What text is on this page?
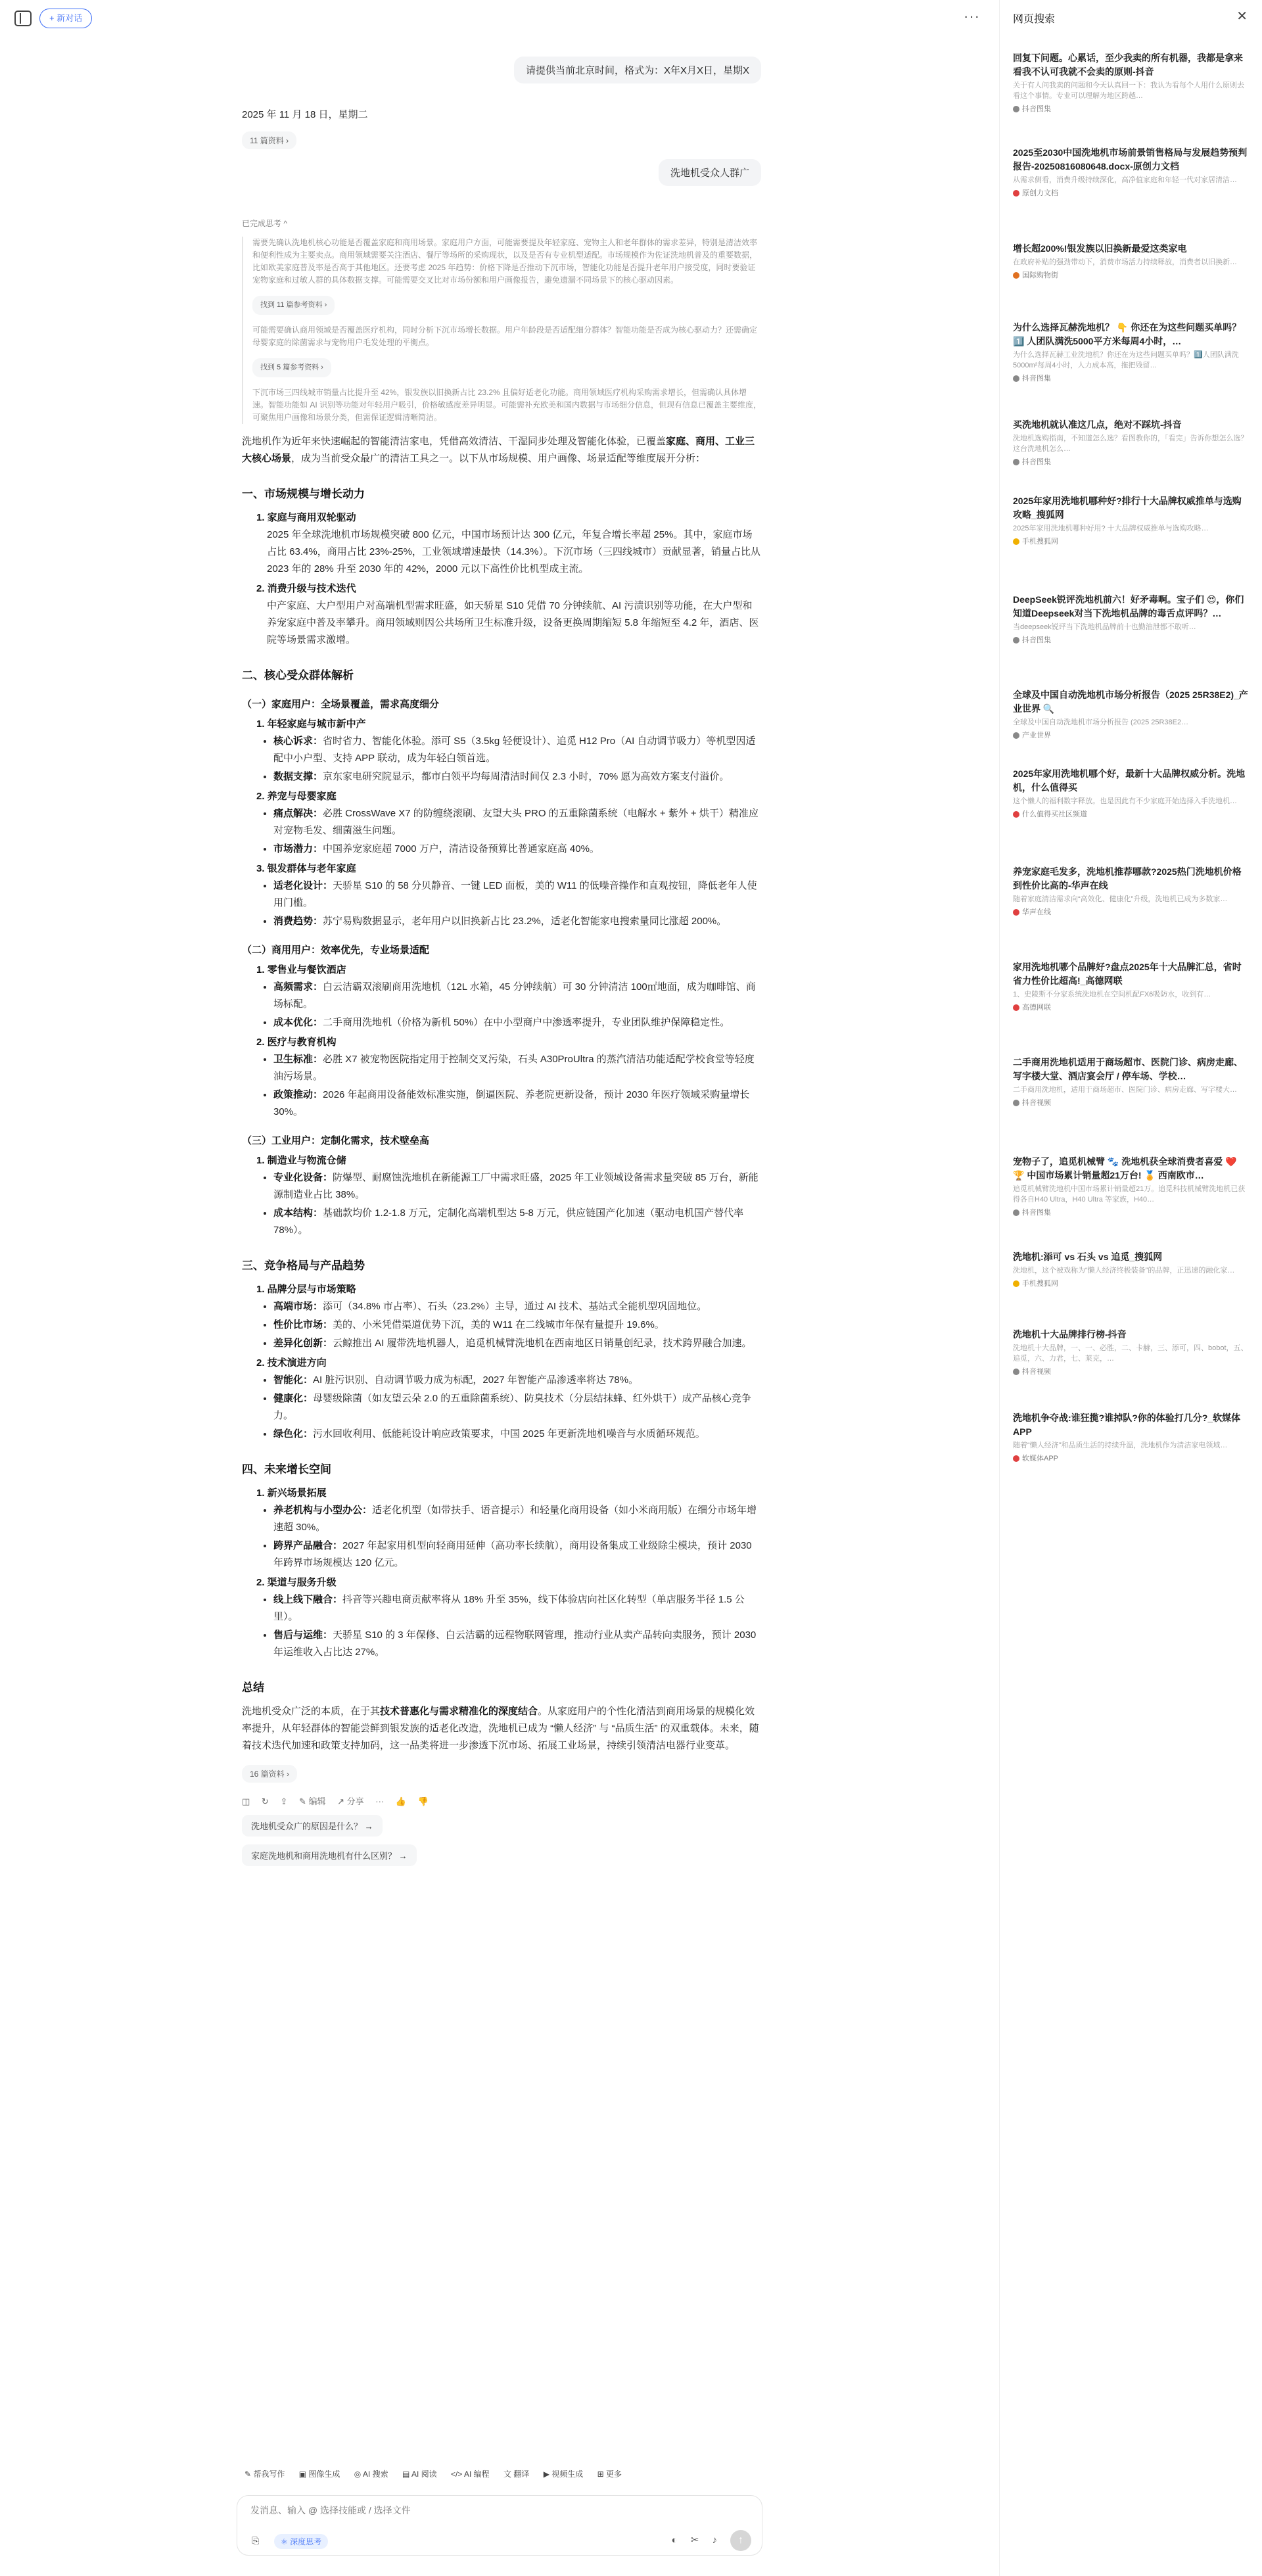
+ 新对话	···
请提供当前北京时间，格式为：X年X月X日，星期X
2025 年 11 月 18 日，星期二
11 篇资料 ›
洗地机受众人群广
已完成思考 ^

需要先确认洗地机核心功能是否覆盖家庭和商用场景。家庭用户方面，可能需要提及年轻家庭、宠物主人和老年群体的需求差异，特别是清洁效率和便利性成为主要卖点。商用领域需要关注酒店、餐厅等场所的采购现状，以及是否有专业机型适配。市场规模作为佐证洗地机普及的重要数据，比如欧美家庭普及率是否高于其他地区。还要考虑 2025 年趋势：价格下降是否推动下沉市场，智能化功能是否提升老年用户接受度，同时要验证宠物家庭和过敏人群的具体数据支撑。可能需要交叉比对市场份额和用户画像报告，避免遗漏不同场景下的核心驱动因素。

找到 11 篇参考资料 ›

可能需要确认商用领域是否覆盖医疗机构，同时分析下沉市场增长数据。用户年龄段是否适配细分群体？智能功能是否成为核心驱动力？还需确定母婴家庭的除菌需求与宠物用户毛发处理的平衡点。

找到 5 篇参考资料 ›

下沉市场三四线城市销量占比提升至 42%，银发族以旧换新占比 23.2% 且偏好适老化功能。商用领域医疗机构采购需求增长，但需确认具体增速。智能功能如 AI 识别等功能对年轻用户吸引，价格敏感度差异明显。可能需补充欧美和国内数据与市场细分信息，但现有信息已覆盖主要维度，可聚焦用户画像和场景分类，但需保证逻辑清晰简洁。

洗地机作为近年来快速崛起的智能清洁家电，凭借高效清洁、干湿同步处理及智能化体验，已覆盖家庭、商用、工业三大核心场景，成为当前受众最广的清洁工具之一。以下从市场规模、用户画像、场景适配等维度展开分析：

一、市场规模与增长动力
1. 家庭与商用双轮驱动
2025 年全球洗地机市场规模突破 800 亿元，中国市场预计达 300 亿元，年复合增长率超 25%。其中，家庭市场占比 63.4%，商用占比 23%-25%，工业领域增速最快（14.3%）。下沉市场（三四线城市）贡献显著，销量占比从 2023 年的 28% 升至 2030 年的 42%，2000 元以下高性价比机型成主流。
2. 消费升级与技术迭代
中产家庭、大户型用户对高端机型需求旺盛，如天骄星 S10 凭借 70 分钟续航、AI 污渍识别等功能，在大户型和养宠家庭中普及率攀升。商用领域则因公共场所卫生标准升级，设备更换周期缩短 5.8 年缩短至 4.2 年，酒店、医院等场景需求激增。
二、核心受众群体解析
（一）家庭用户：全场景覆盖，需求高度细分
1. 年轻家庭与城市新中产
• 核心诉求：省时省力、智能化体验。添可 S5（3.5kg 轻便设计）、追觅 H12 Pro（AI 自动调节吸力）等机型因适配中小户型、支持 APP 联动，成为年轻白领首选。
• 数据支撑：京东家电研究院显示，都市白领平均每周清洁时间仅 2.3 小时，70% 愿为高效方案支付溢价。
2. 养宠与母婴家庭
• 痛点解决：必胜 CrossWave X7 的防缠绕滚刷、友望大头 PRO 的五重除菌系统（电解水 + 紫外 + 烘干）精准应对宠物毛发、细菌滋生问题。
• 市场潜力：中国养宠家庭超 7000 万户，清洁设备预算比普通家庭高 40%。
3. 银发群体与老年家庭
• 适老化设计：天骄星 S10 的 58 分贝静音、一键 LED 面板，美的 W11 的低噪音操作和直观按钮，降低老年人使用门槛。
• 消费趋势：苏宁易购数据显示，老年用户以旧换新占比 23.2%，适老化智能家电搜索量同比涨超 200%。
（二）商用用户：效率优先，专业场景适配
1. 零售业与餐饮酒店
• 高频需求：白云洁霸双滚刷商用洗地机（12L 水箱，45 分钟续航）可 30 分钟清洁 100㎡地面，成为咖啡馆、商场标配。
• 成本优化：二手商用洗地机（价格为新机 50%）在中小型商户中渗透率提升，专业团队维护保障稳定性。
2. 医疗与教育机构
• 卫生标准：必胜 X7 被宠物医院指定用于控制交叉污染，石头 A30ProUltra 的蒸汽清洁功能适配学校食堂等轻度油污场景。
• 政策推动：2026 年起商用设备能效标准实施，倒逼医院、养老院更新设备，预计 2030 年医疗领域采购量增长 30%。
（三）工业用户：定制化需求，技术壁垒高
1. 制造业与物流仓储
• 专业化设备：防爆型、耐腐蚀洗地机在新能源工厂中需求旺盛，2025 年工业领域设备需求量突破 85 万台，新能源制造业占比 38%。
• 成本结构：基础款均价 1.2-1.8 万元，定制化高端机型达 5-8 万元，供应链国产化加速（驱动电机国产替代率 78%）。
三、竞争格局与产品趋势
1. 品牌分层与市场策略
• 高端市场：添可（34.8% 市占率）、石头（23.2%）主导，通过 AI 技术、基站式全能机型巩固地位。
• 性价比市场：美的、小米凭借渠道优势下沉，美的 W11 在二线城市年保有量提升 19.6%。
• 差异化创新：云鲸推出 AI 履带洗地机器人，追觅机械臂洗地机在西南地区日销量创纪录，技术跨界融合加速。
2. 技术演进方向
• 智能化：AI 脏污识别、自动调节吸力成为标配，2027 年智能产品渗透率将达 78%。
• 健康化：母婴级除菌（如友望云朵 2.0 的五重除菌系统）、防臭技术（分层结抹蜂、红外烘干）成产品核心竞争力。
• 绿色化：污水回收利用、低能耗设计响应政策要求，中国 2025 年更新洗地机噪音与水质循环规范。
四、未来增长空间
1. 新兴场景拓展
• 养老机构与小型办公：适老化机型（如带扶手、语音提示）和轻量化商用设备（如小米商用版）在细分市场年增速超 30%。
• 跨界产品融合：2027 年起家用机型向轻商用延伸（高功率长续航），商用设备集成工业级除尘模块，预计 2030 年跨界市场规模达 120 亿元。
2. 渠道与服务升级
• 线上线下融合：抖音等兴趣电商贡献率将从 18% 升至 35%，线下体验店向社区化转型（单店服务半径 1.5 公里）。
• 售后与运维：天骄星 S10 的 3 年保修、白云洁霸的远程物联网管理，推动行业从卖产品转向卖服务，预计 2030 年运维收入占比达 27%。
总结

洗地机受众广泛的本质，在于其技术普惠化与需求精准化的深度结合。从家庭用户的个性化清洁到商用场景的规模化效率提升，从年轻群体的智能尝鲜到银发族的适老化改造，洗地机已成为 “懒人经济” 与 “品质生活” 的双重载体。未来，随着技术迭代加速和政策支持加码，这一品类将进一步渗透下沉市场、拓展工业场景，持续引领清洁电器行业变革。

16 篇资料 ›
◫ ↻ ⇪ ✎ 编辑 ↗ 分享 ··· 👍 👎
洗地机受众广的原因是什么？ →
家庭洗地机和商用洗地机有什么区别？ →
✎ 帮我写作 ▣ 图像生成 ◎ AI 搜索 ▤ AI 阅读 </> AI 编程 文 翻译 ▶ 视频生成 ⊞ 更多
发消息、输入 @ 选择技能或 / 选择文件
⎘	⚛ 深度思考	◐ ✂ ♪	↑
网页搜索	✕
回复下问题。心累话，至少我卖的所有机器，我都是拿来看我不认可我就不会卖的原则-抖音
关于有人问我卖的问题和今天认真回一下：我认为看每个人用什么原则去看这个事情。专业可以理解为地区跨越…
抖音图集
2025至2030中国洗地机市场前景销售格局与发展趋势预判报告-20250816080648.docx-原创力文档
从需求侧看，消费升级持续深化，高净值家庭和年轻一代对家居清洁…
原创力文档
增长超200%!银发族以旧换新最爱这类家电
在政府补贴的强劲带动下，消费市场活力持续释放，消费者以旧换新…
国际购物街
为什么选择瓦赫洗地机？ 👇 你还在为这些问题买单吗？ 1️⃣ 人团队满洗5000平方米每周4小时，…
为什么选择瓦赫工业洗地机？你还在为这些问题买单吗？1️⃣人团队满洗5000m²每周4小时，人力成本高，拖把残留…
抖音图集
买洗地机就认准这几点，绝对不踩坑-抖音
洗地机选购指南，不知道怎么选？看图教你的，「看完」告诉你想怎么选？这台洗地机怎么…
抖音图集
2025年家用洗地机哪种好?排行十大品牌权威推单与选购攻略_搜狐网
2025年家用洗地机哪种好用? 十大品牌权威推单与选购攻略…
手机搜狐网
DeepSeek锐评洗地机前六！好矛毒啊。宝子们 😍，你们知道Deepseek对当下洗地机品牌的毒舌点评吗？…
当deepseek锐评当下洗地机品牌前十也勤油泄都不敢听…
抖音图集
全球及中国自动洗地机市场分析报告（2025 25R38E2)_产业世界 🔍
全球及中国自动洗地机市场分析报告 (2025 25R38E2…
产业世界
2025年家用洗地机哪个好，最新十大品牌权威分析。洗地机，什么值得买
这个懒人的福利数字释放。也是因此有不少家庭开始选择入手洗地机…
什么值得买社区频道
养宠家庭毛发多，洗地机推荐哪款?2025热门洗地机价格到性价比高的-华声在线
随着家庭清洁需求向“高效化、健康化”升级，洗地机已成为多数家…
华声在线
家用洗地机哪个品牌好?盘点2025年十大品牌汇总，省时省力性价比超高!_高德网联
1、史陵斯不分家系统洗地机在空间机配FX6吸防水，收到有…
高德网联
二手商用洗地机适用于商场超市、医院门诊、病房走廊、写字楼大堂、酒店宴会厅 / 停车场、学校…
二手商用洗地机，适用于商场超市、医院门诊、病房走廊、写字楼大…
抖音视频
宠物子了，追觅机械臂 🐾 洗地机获全球消费者喜爱 ❤️ 🏆 中国市场累计销量超21万台! 🏅 西南欧市…
追觅机械臂洗地机中国市场累计销量超21万。追觅科技机械臂洗地机已获得各自H40 Ultra，H40 Ultra 等家族，H40…
抖音图集
洗地机:添可 vs 石头 vs 追觅_搜狐网
洗地机，这个被戏称为“懒人经济终极装备”的品牌，正迅速的融化家…
手机搜狐网
洗地机十大品牌排行榜-抖音
洗地机十大品牌，一、一、必胜，二、卡赫，三、添可，四、bobot，五、追觅，六、力君，七、莱克，…
抖音视频
洗地机争夺战:谁狂揽?谁掉队?你的体验打几分?_软媒体APP
随着“懒人经济”和品质生活的持续升温，洗地机作为清洁家电领域…
软媒体APP
